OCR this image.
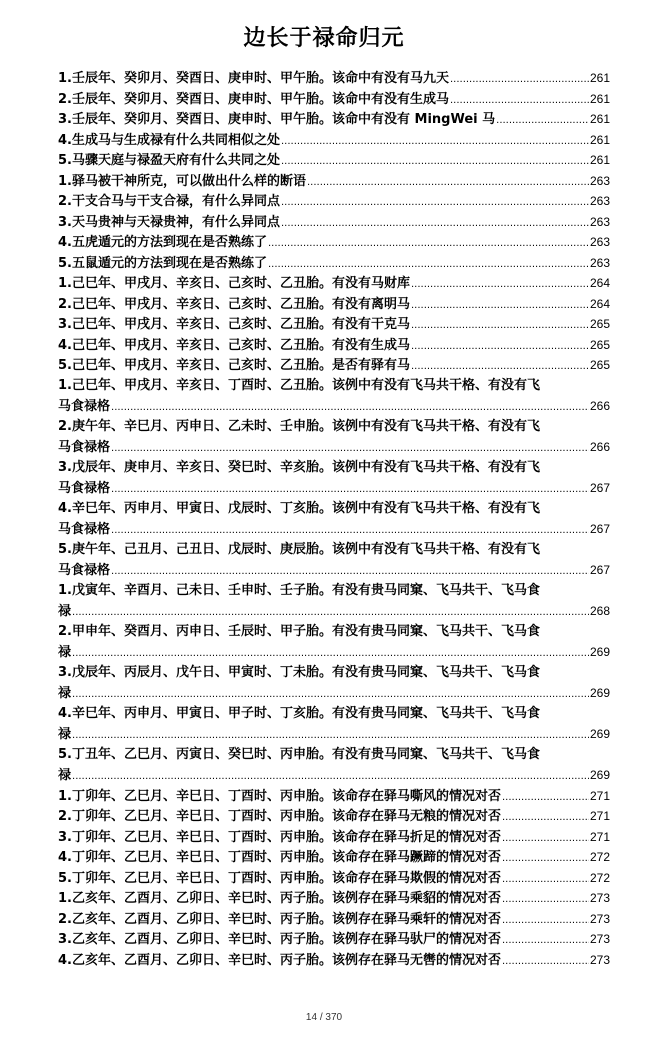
边长于禄命归元
1.壬辰年、癸卯月、癸酉日、庚申时、甲午胎。该命中有没有马九天 .....	261
2.壬辰年、癸卯月、癸酉日、庚申时、甲午胎。该命中有没有生成马 .....	261
3.壬辰年、癸卯月、癸酉日、庚申时、甲午胎。该命中有没有 MingWei 马 .....	261
4.生成马与生成禄有什么共同相似之处 .....	261
5.马骤天庭与禄盈天府有什么共同之处 .....	261
1.驿马被干神所克，可以做出什么样的断语 .....	263
2.干支合马与干支合禄，有什么异同点 .....	263
3.天马贵神与天禄贵神，有什么异同点 .....	263
4.五虎遁元的方法到现在是否熟练了 .....	263
5.五鼠遁元的方法到现在是否熟练了 .....	263
1.己巳年、甲戌月、辛亥日、己亥时、乙丑胎。有没有马财库 .....	264
2.己巳年、甲戌月、辛亥日、己亥时、乙丑胎。有没有离明马 .....	264
3.己巳年、甲戌月、辛亥日、己亥时、乙丑胎。有没有干克马 .....	265
4.己巳年、甲戌月、辛亥日、己亥时、乙丑胎。有没有生成马 .....	265
5.己巳年、甲戌月、辛亥日、己亥时、乙丑胎。是否有驿有马 .....	265
1.己巳年、甲戌月、辛亥日、丁酉时、乙丑胎。该例中有没有飞马共干格、有没有飞
马食禄格 .....	266
2.庚午年、辛巳月、丙申日、乙未时、壬申胎。该例中有没有飞马共干格、有没有飞
马食禄格 .....	266
3.戊辰年、庚申月、辛亥日、癸巳时、辛亥胎。该例中有没有飞马共干格、有没有飞
马食禄格 .....	267
4.辛巳年、丙申月、甲寅日、戊辰时、丁亥胎。该例中有没有飞马共干格、有没有飞
马食禄格 .....	267
5.庚午年、己丑月、己丑日、戊辰时、庚辰胎。该例中有没有飞马共干格、有没有飞
马食禄格 .....	267
1.戊寅年、辛酉月、己未日、壬申时、壬子胎。有没有贵马同窠、飞马共干、飞马食
禄 .....	268
2.甲申年、癸酉月、丙申日、壬辰时、甲子胎。有没有贵马同窠、飞马共干、飞马食
禄 .....	269
3.戊辰年、丙辰月、戊午日、甲寅时、丁未胎。有没有贵马同窠、飞马共干、飞马食
禄 .....	269
4.辛巳年、丙申月、甲寅日、甲子时、丁亥胎。有没有贵马同窠、飞马共干、飞马食
禄 .....	269
5.丁丑年、乙巳月、丙寅日、癸巳时、丙申胎。有没有贵马同窠、飞马共干、飞马食
禄 .....	269
1.丁卯年、乙巳月、辛巳日、丁酉时、丙申胎。该命存在驿马嘶风的情况对否 .....	271
2.丁卯年、乙巳月、辛巳日、丁酉时、丙申胎。该命存在驿马无粮的情况对否 .....	271
3.丁卯年、乙巳月、辛巳日、丁酉时、丙申胎。该命存在驿马折足的情况对否 .....	271
4.丁卯年、乙巳月、辛巳日、丁酉时、丙申胎。该命存在驿马蹶蹄的情况对否 .....	272
5.丁卯年、乙巳月、辛巳日、丁酉时、丙申胎。该命存在驿马欺假的情况对否 .....	272
1.乙亥年、乙酉月、乙卯日、辛巳时、丙子胎。该例存在驿马乘貂的情况对否 .....	273
2.乙亥年、乙酉月、乙卯日、辛巳时、丙子胎。该例存在驿马乘轩的情况对否 .....	273
3.乙亥年、乙酉月、乙卯日、辛巳时、丙子胎。该例存在驿马驮尸的情况对否 .....	273
4.乙亥年、乙酉月、乙卯日、辛巳时、丙子胎。该例存在驿马无辔的情况对否 .....	273
14 / 370
